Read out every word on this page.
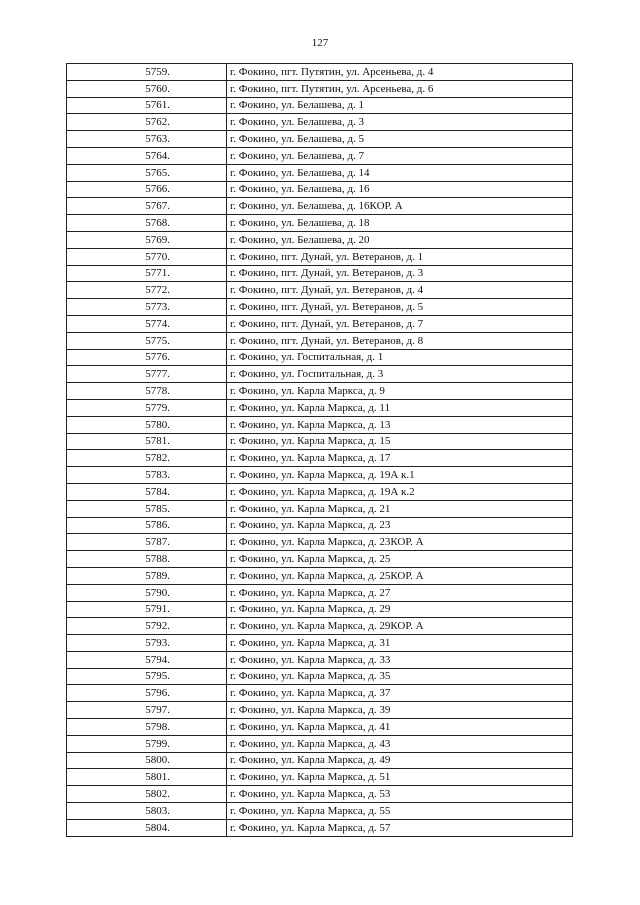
127
5759.	г. Фокино, пгт. Путятин, ул. Арсеньева, д. 4
5760.	г. Фокино, пгт. Путятин, ул. Арсеньева, д. 6
5761.	г. Фокино, ул. Белашева, д. 1
5762.	г. Фокино, ул. Белашева, д. 3
5763.	г. Фокино, ул. Белашева, д. 5
5764.	г. Фокино, ул. Белашева, д. 7
5765.	г. Фокино, ул. Белашева, д. 14
5766.	г. Фокино, ул. Белашева, д. 16
5767.	г. Фокино, ул. Белашева, д. 16КОР. А
5768.	г. Фокино, ул. Белашева, д. 18
5769.	г. Фокино, ул. Белашева, д. 20
5770.	г. Фокино, пгт. Дунай, ул. Ветеранов, д. 1
5771.	г. Фокино, пгт. Дунай, ул. Ветеранов, д. 3
5772.	г. Фокино, пгт. Дунай, ул. Ветеранов, д. 4
5773.	г. Фокино, пгт. Дунай, ул. Ветеранов, д. 5
5774.	г. Фокино, пгт. Дунай, ул. Ветеранов, д. 7
5775.	г. Фокино, пгт. Дунай, ул. Ветеранов, д. 8
5776.	г. Фокино, ул. Госпитальная, д. 1
5777.	г. Фокино, ул. Госпитальная, д. 3
5778.	г. Фокино, ул. Карла Маркса, д. 9
5779.	г. Фокино, ул. Карла Маркса, д. 11
5780.	г. Фокино, ул. Карла Маркса, д. 13
5781.	г. Фокино, ул. Карла Маркса, д. 15
5782.	г. Фокино, ул. Карла Маркса, д. 17
5783.	г. Фокино, ул. Карла Маркса, д. 19А к.1
5784.	г. Фокино, ул. Карла Маркса, д. 19А к.2
5785.	г. Фокино, ул. Карла Маркса, д. 21
5786.	г. Фокино, ул. Карла Маркса, д. 23
5787.	г. Фокино, ул. Карла Маркса, д. 23КОР. А
5788.	г. Фокино, ул. Карла Маркса, д. 25
5789.	г. Фокино, ул. Карла Маркса, д. 25КОР. А
5790.	г. Фокино, ул. Карла Маркса, д. 27
5791.	г. Фокино, ул. Карла Маркса, д. 29
5792.	г. Фокино, ул. Карла Маркса, д. 29КОР. А
5793.	г. Фокино, ул. Карла Маркса, д. 31
5794.	г. Фокино, ул. Карла Маркса, д. 33
5795.	г. Фокино, ул. Карла Маркса, д. 35
5796.	г. Фокино, ул. Карла Маркса, д. 37
5797.	г. Фокино, ул. Карла Маркса, д. 39
5798.	г. Фокино, ул. Карла Маркса, д. 41
5799.	г. Фокино, ул. Карла Маркса, д. 43
5800.	г. Фокино, ул. Карла Маркса, д. 49
5801.	г. Фокино, ул. Карла Маркса, д. 51
5802.	г. Фокино, ул. Карла Маркса, д. 53
5803.	г. Фокино, ул. Карла Маркса, д. 55
5804.	г. Фокино, ул. Карла Маркса, д. 57
